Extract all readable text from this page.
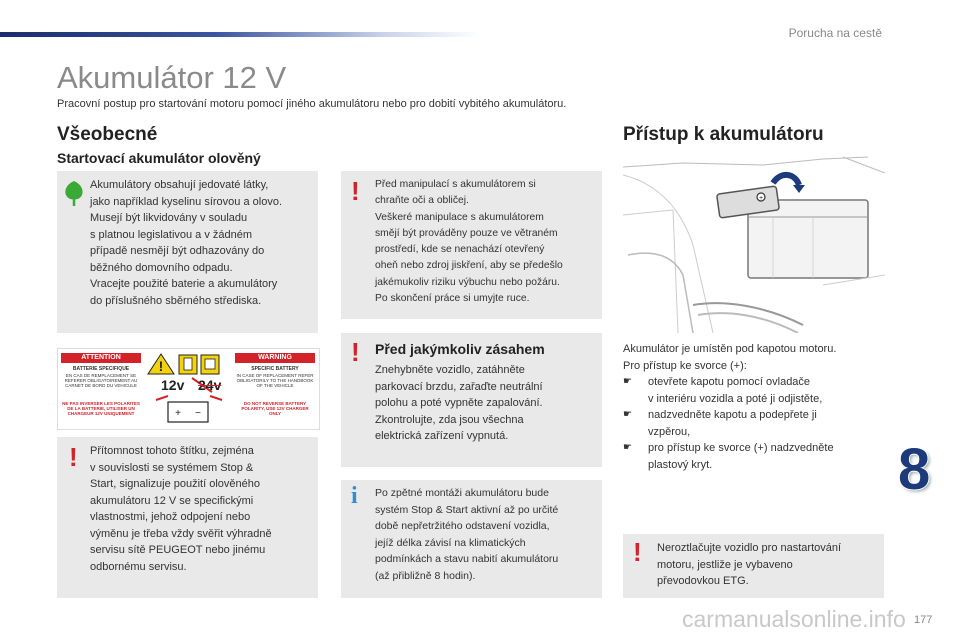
Porucha na cestě
Akumulátor 12 V
Pracovní postup pro startování motoru pomocí jiného akumulátoru nebo pro dobití vybitého akumulátoru.
Všeobecné
Startovací akumulátor olověný

Akumulátory obsahují jedovaté látky,
jako například kyselinu sírovou a olovo.
Musejí být likvidovány v souladu
s platnou legislativou a v žádném
případě nesmějí být odhazovány do
běžného domovního odpadu.
Vracejte použité baterie a akumulátory
do příslušného sběrného střediska.

ATTENTION	WARNING
BATTERIE SPECIFIQUE
EN CAS DE REMPLACEMENT SE REFERER OBLIGATOIREMENT AU CARNET DE BORD DU VEHICULE
NE PAS INVERSER LES POLARITES DE LA BATTERIE, UTILISER UN CHARGEUR 12V UNIQUEMENT
SPECIFIC BATTERY
IN CASE OF REPLACEMENT REFER OBLIGATORILY TO THE HANDBOOK OF THE VEHICLE
DO NOT REVERSE BATTERY POLARITY, USE 12V CHARGER ONLY
!
+ −
12v 24v
! Přítomnost tohoto štítku, zejména
v souvislosti se systémem Stop &
Start, signalizuje použití olověného
akumulátoru 12 V se specifickými
vlastnostmi, jehož odpojení nebo
výměnu je třeba vždy svěřit výhradně
servisu sítě PEUGEOT nebo jinému
odbornému servisu.

! Před manipulací s akumulátorem si
chraňte oči a obličej.
Veškeré manipulace s akumulátorem
smějí být prováděny pouze ve větraném
prostředí, kde se nenachází otevřený
oheň nebo zdroj jiskření, aby se předešlo
jakémukoliv riziku výbuchu nebo požáru.
Po skončení práce si umyjte ruce.

! Před jakýmkoliv zásahem

Znehybněte vozidlo, zatáhněte
parkovací brzdu, zařaďte neutrální
polohu a poté vypněte zapalování.
Zkontrolujte, zda jsou všechna
elektrická zařízení vypnutá.

i Po zpětné montáži akumulátoru bude
systém Stop & Start aktivní až po určité
době nepřetržitého odstavení vozidla,
jejíž délka závisí na klimatických
podmínkách a stavu nabití akumulátoru
(až přibližně 8 hodin).

Přístup k akumulátoru
+
Akumulátor je umístěn pod kapotou motoru.
Pro přístup ke svorce (+):
☛ otevřete kapotu pomocí ovladače
v interiéru vozidla a poté ji odjistěte,
☛ nadzvedněte kapotu a podepřete ji
vzpěrou,
☛ pro přístup ke svorce (+) nadzvedněte
plastový kryt.
! Neroztlačujte vozidlo pro nastartování
motoru, jestliže je vybaveno
převodovkou ETG.

8
177
carmanualsonline.info
